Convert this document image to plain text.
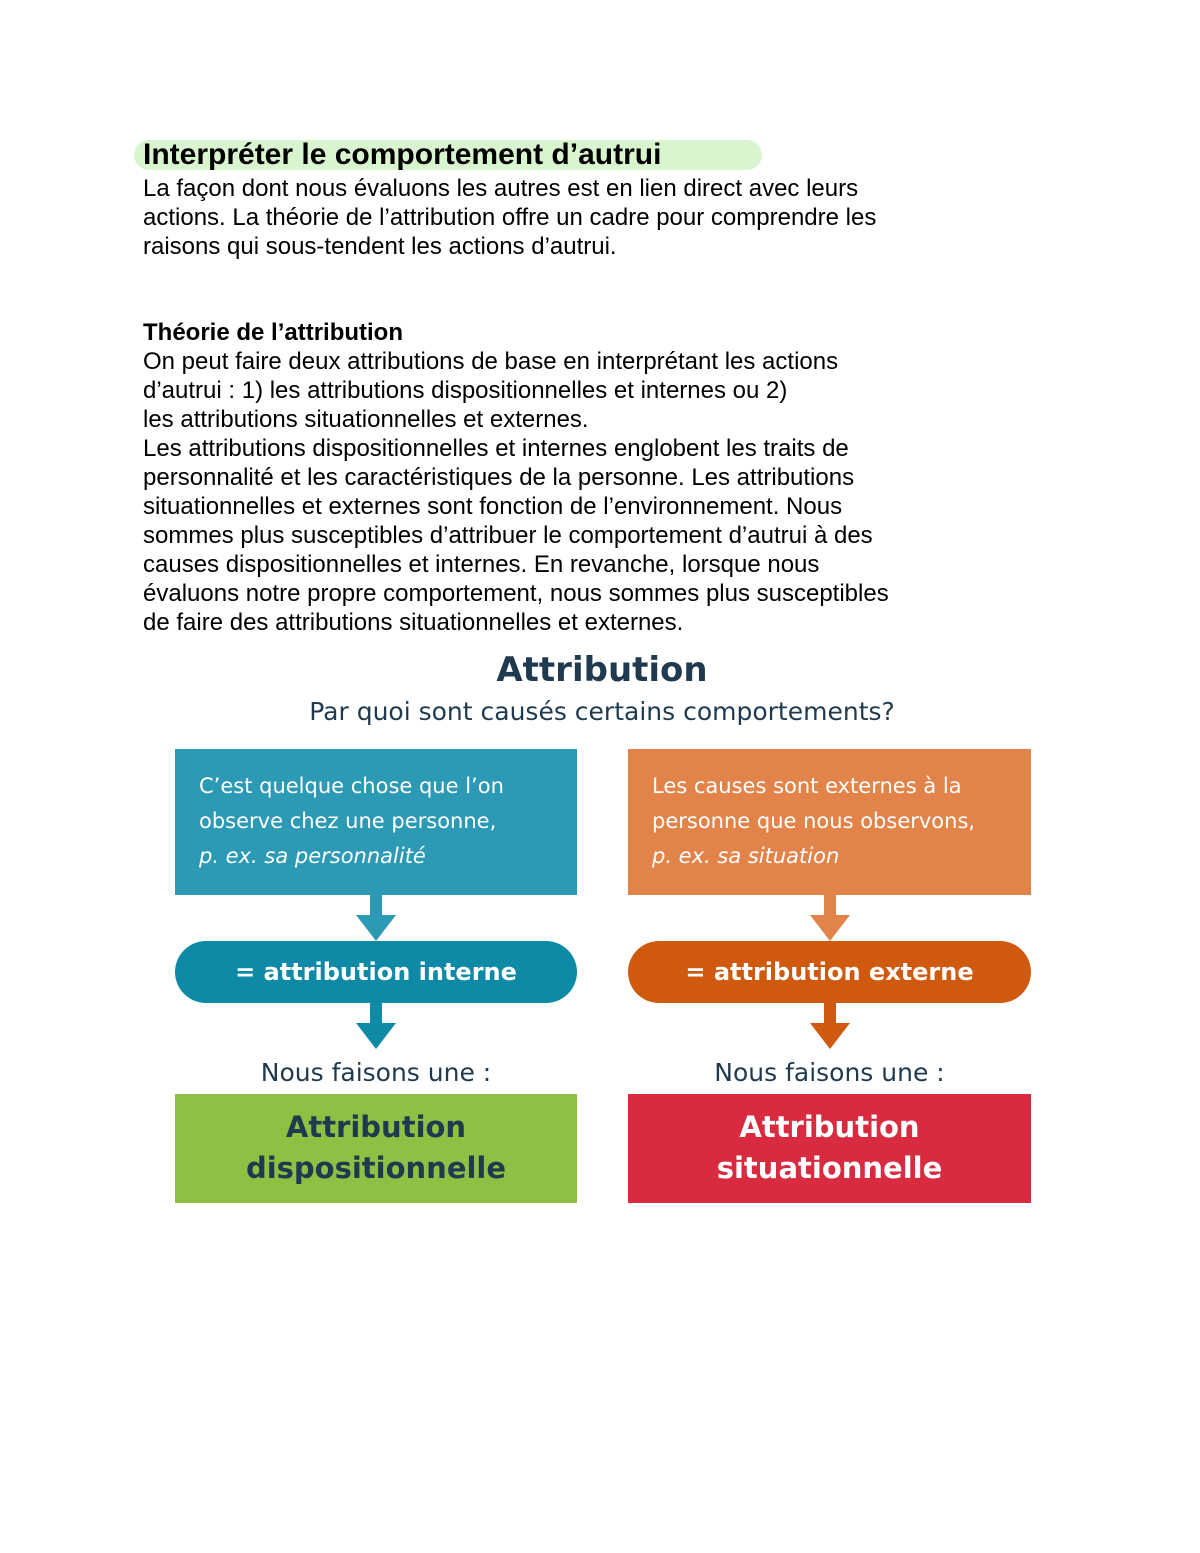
Interpréter le comportement d’autrui

La façon dont nous évaluons les autres est en lien direct avec leurs
actions. La théorie de l’attribution offre un cadre pour comprendre les
raisons qui sous-tendent les actions d’autrui.

Théorie de l’attribution

On peut faire deux attributions de base en interprétant les actions
d’autrui : 1) les attributions dispositionnelles et internes ou 2)
les attributions situationnelles et externes.

Les attributions dispositionnelles et internes englobent les traits de
personnalité et les caractéristiques de la personne. Les attributions
situationnelles et externes sont fonction de l’environnement. Nous
sommes plus susceptibles d’attribuer le comportement d’autrui à des
causes dispositionnelles et internes. En revanche, lorsque nous
évaluons notre propre comportement, nous sommes plus susceptibles
de faire des attributions situationnelles et externes.

Attribution

Par quoi sont causés certains comportements?

C’est quelque chose que l’on
observe chez une personne,
p. ex. sa personnalité
= attribution interne
Nous faisons une :
Attribution
dispositionnelle
Les causes sont externes à la
personne que nous observons,
p. ex. sa situation
= attribution externe
Nous faisons une :
Attribution
situationnelle
